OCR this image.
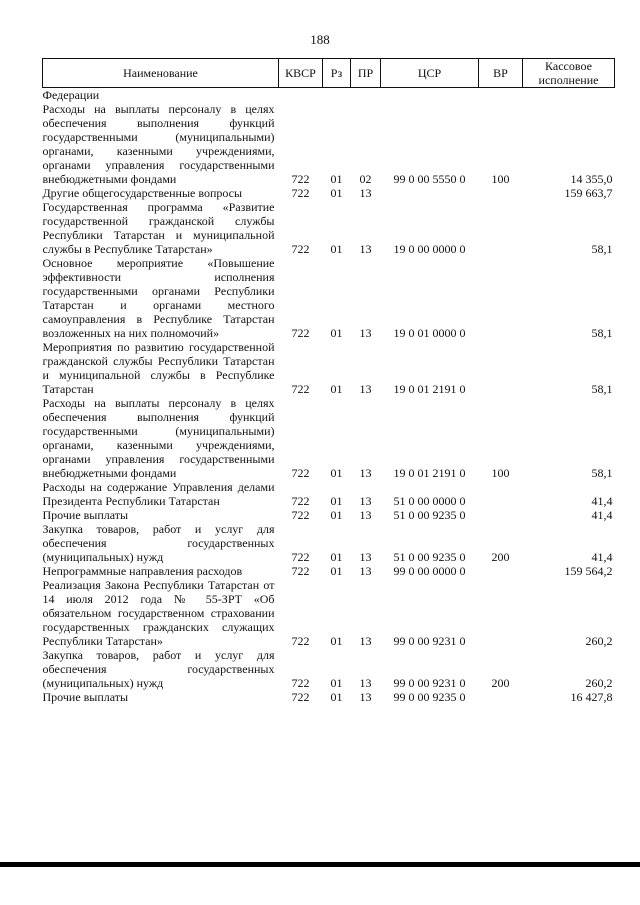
188
Наименование	КВСР	Рз	ПР	ЦСР	ВР	Кассовое исполнение
Федерации						
Расходы на выплаты персоналу в целях обеспечения выполнения функций государственными (муниципальными) органами, казенными учреждениями, органами управления государственными внебюджетными фондами	722	01	02	99 0 00 5550 0	100	14 355,0
Другие общегосударственные вопросы	722	01	13			159 663,7
Государственная программа «Развитие государственной гражданской службы Республики Татарстан и муниципальной службы в Республике Татарстан»	722	01	13	19 0 00 0000 0		58,1
Основное мероприятие «Повышение эффективности исполнения государственными органами Республики Татарстан и органами местного самоуправления в Республике Татарстан возложенных на них полномочий»	722	01	13	19 0 01 0000 0		58,1
Мероприятия по развитию государственной гражданской службы Республики Татарстан и муниципальной службы в Республике Татарстан	722	01	13	19 0 01 2191 0		58,1
Расходы на выплаты персоналу в целях обеспечения выполнения функций государственными (муниципальными) органами, казенными учреждениями, органами управления государственными внебюджетными фондами	722	01	13	19 0 01 2191 0	100	58,1
Расходы на содержание Управления делами Президента Республики Татарстан	722	01	13	51 0 00 0000 0		41,4
Прочие выплаты	722	01	13	51 0 00 9235 0		41,4
Закупка товаров, работ и услуг для обеспечения государственных (муниципальных) нужд	722	01	13	51 0 00 9235 0	200	41,4
Непрограммные направления расходов	722	01	13	99 0 00 0000 0		159 564,2
Реализация Закона Республики Татарстан от 14 июля 2012 года № 55-ЗРТ «Об обязательном государственном страховании государственных гражданских служащих Республики Татарстан»	722	01	13	99 0 00 9231 0		260,2
Закупка товаров, работ и услуг для обеспечения государственных (муниципальных) нужд	722	01	13	99 0 00 9231 0	200	260,2
Прочие выплаты	722	01	13	99 0 00 9235 0		16 427,8
